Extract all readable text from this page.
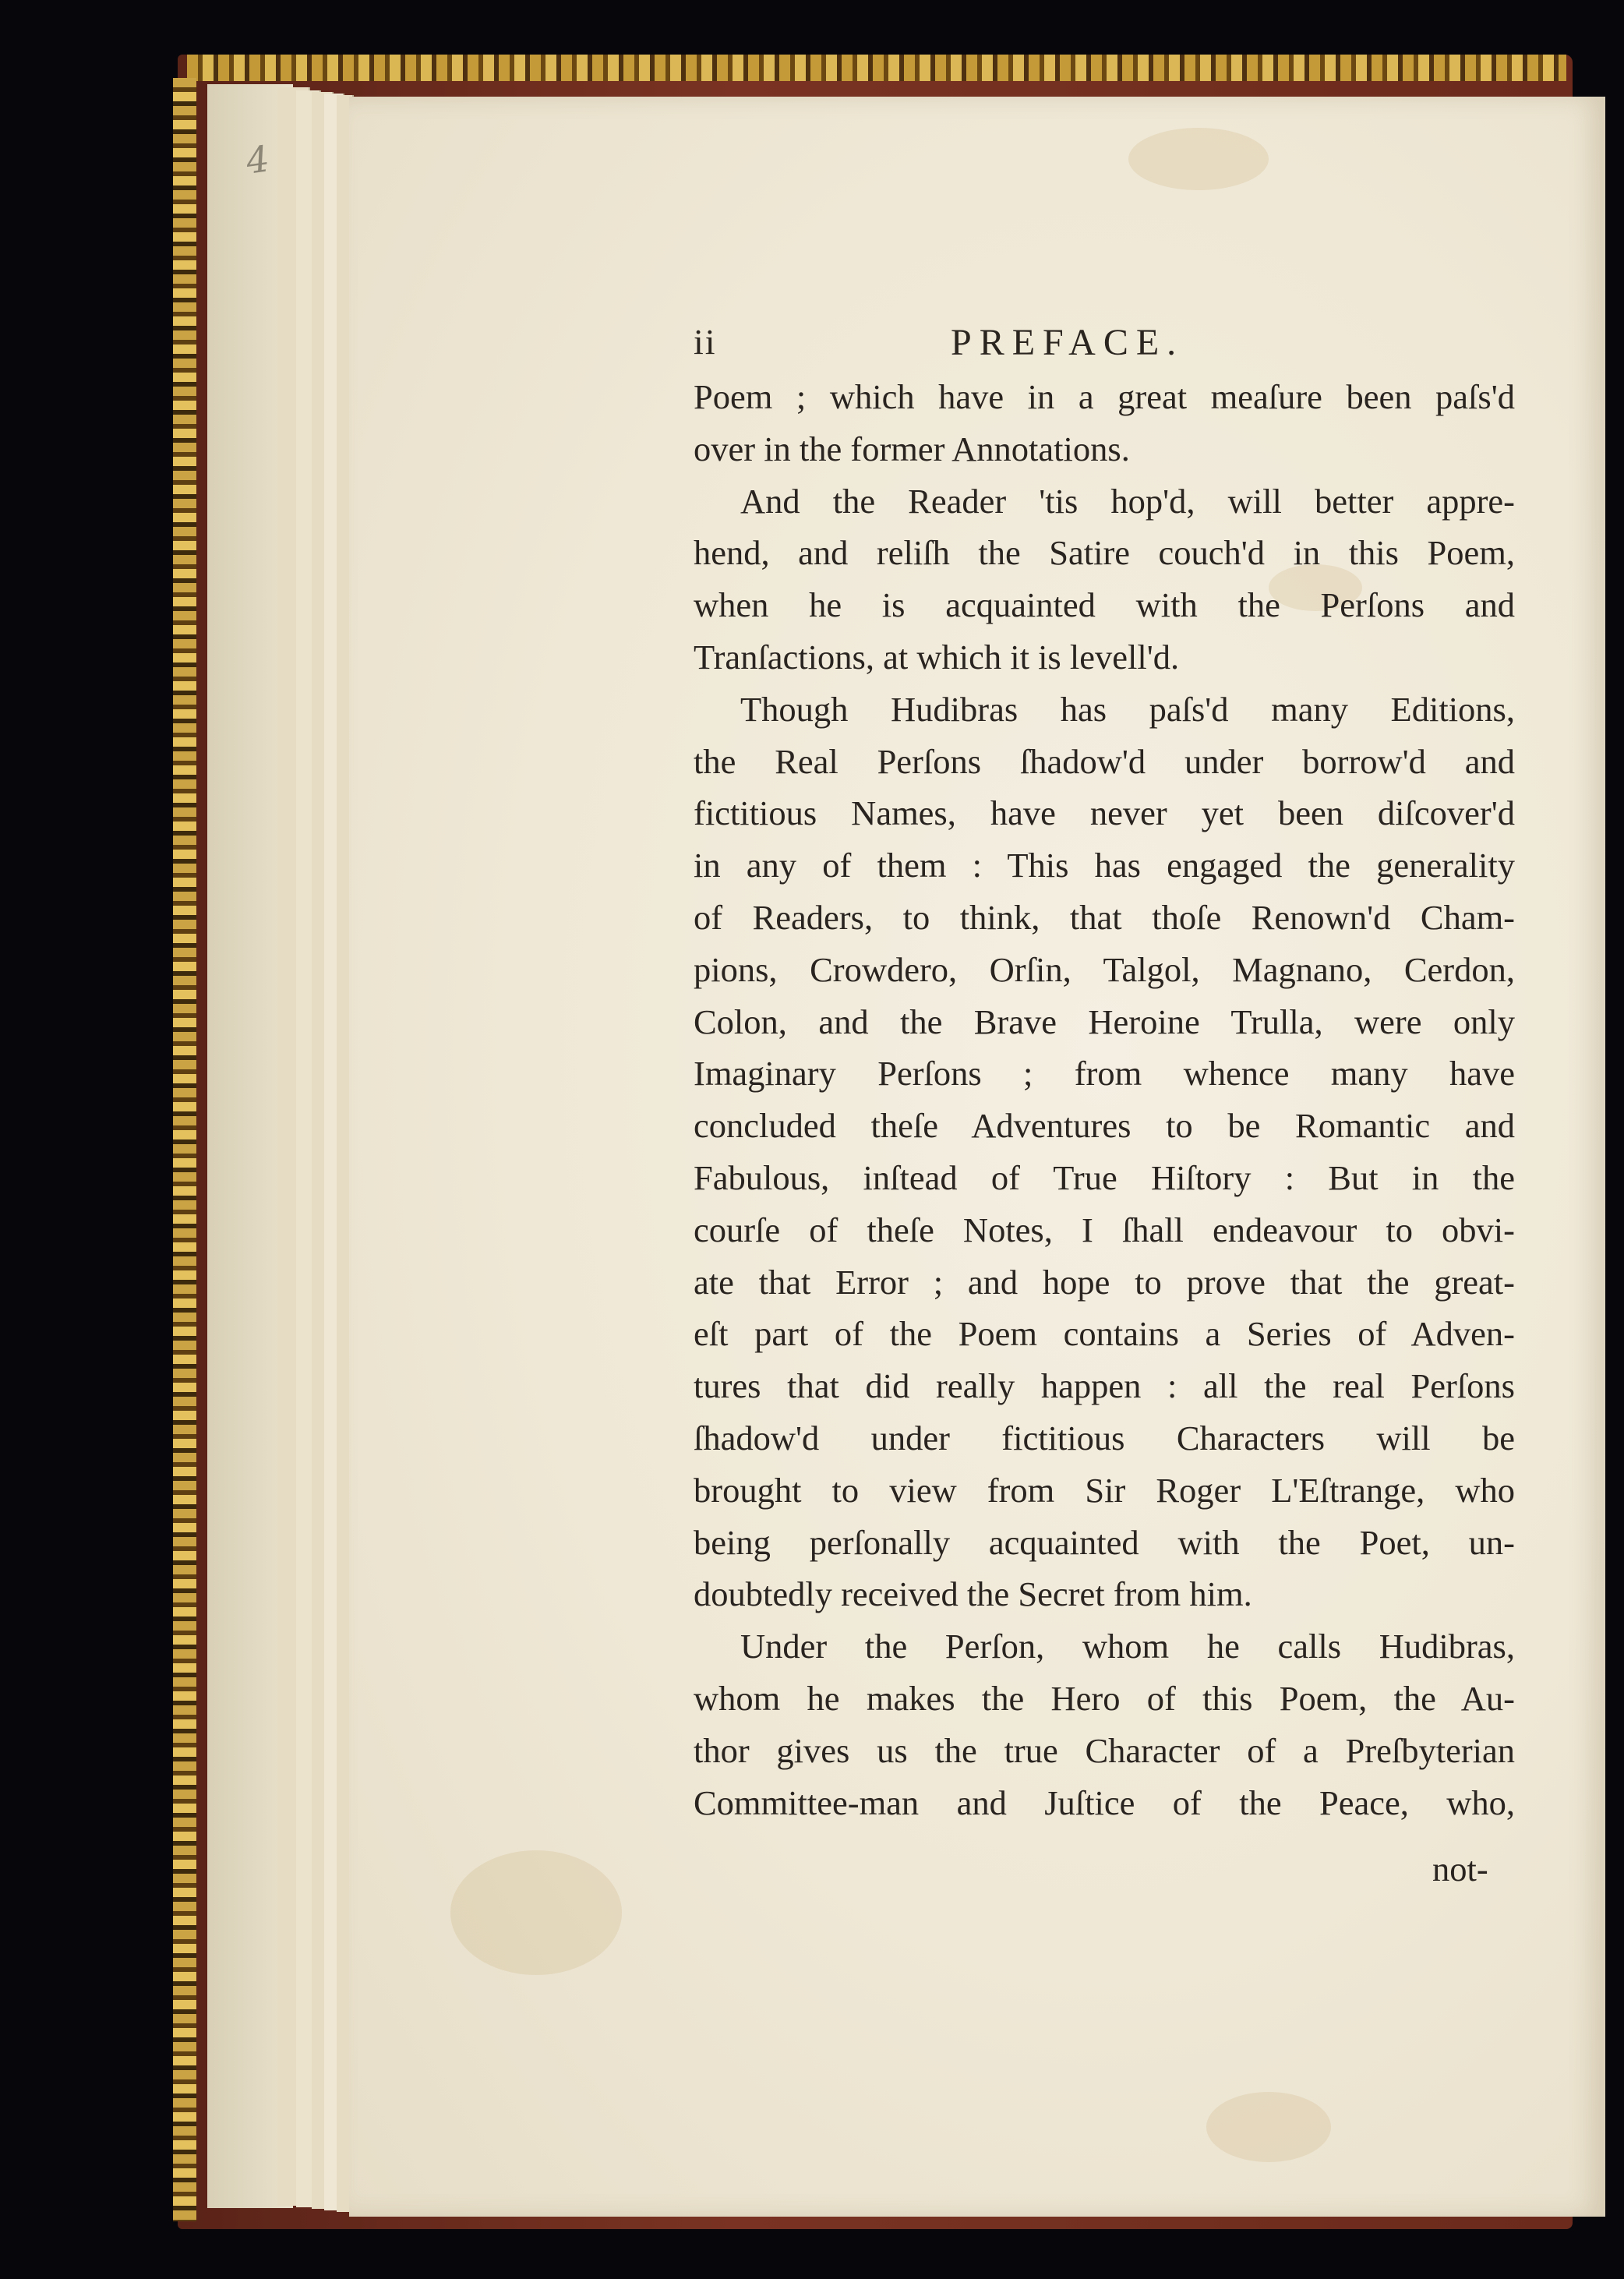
4
ii	PREFACE.
Poem ; which have in a great meaſure been paſs'd
over in the former Annotations.
And the Reader 'tis hop'd, will better appre-
hend, and reliſh the Satire couch'd in this Poem,
when he is acquainted with the Perſons and
Tranſactions, at which it is levell'd.
Though Hudibras has paſs'd many Editions,
the Real Perſons ſhadow'd under borrow'd and
fictitious Names, have never yet been diſcover'd
in any of them : This has engaged the generality
of Readers, to think, that thoſe Renown'd Cham-
pions, Crowdero, Orſin, Talgol, Magnano, Cerdon,
Colon, and the Brave Heroine Trulla, were only
Imaginary Perſons ; from whence many have
concluded theſe Adventures to be Romantic and
Fabulous, inſtead of True Hiſtory : But in the
courſe of theſe Notes, I ſhall endeavour to obvi-
ate that Error ; and hope to prove that the great-
eſt part of the Poem contains a Series of Adven-
tures that did really happen : all the real Perſons
ſhadow'd under fictitious Characters will be
brought to view from Sir Roger L'Eſtrange, who
being perſonally acquainted with the Poet, un-
doubtedly received the Secret from him.
Under the Perſon, whom he calls Hudibras,
whom he makes the Hero of this Poem, the Au-
thor gives us the true Character of a Preſbyterian
Committee-man and Juſtice of the Peace, who,
not-
